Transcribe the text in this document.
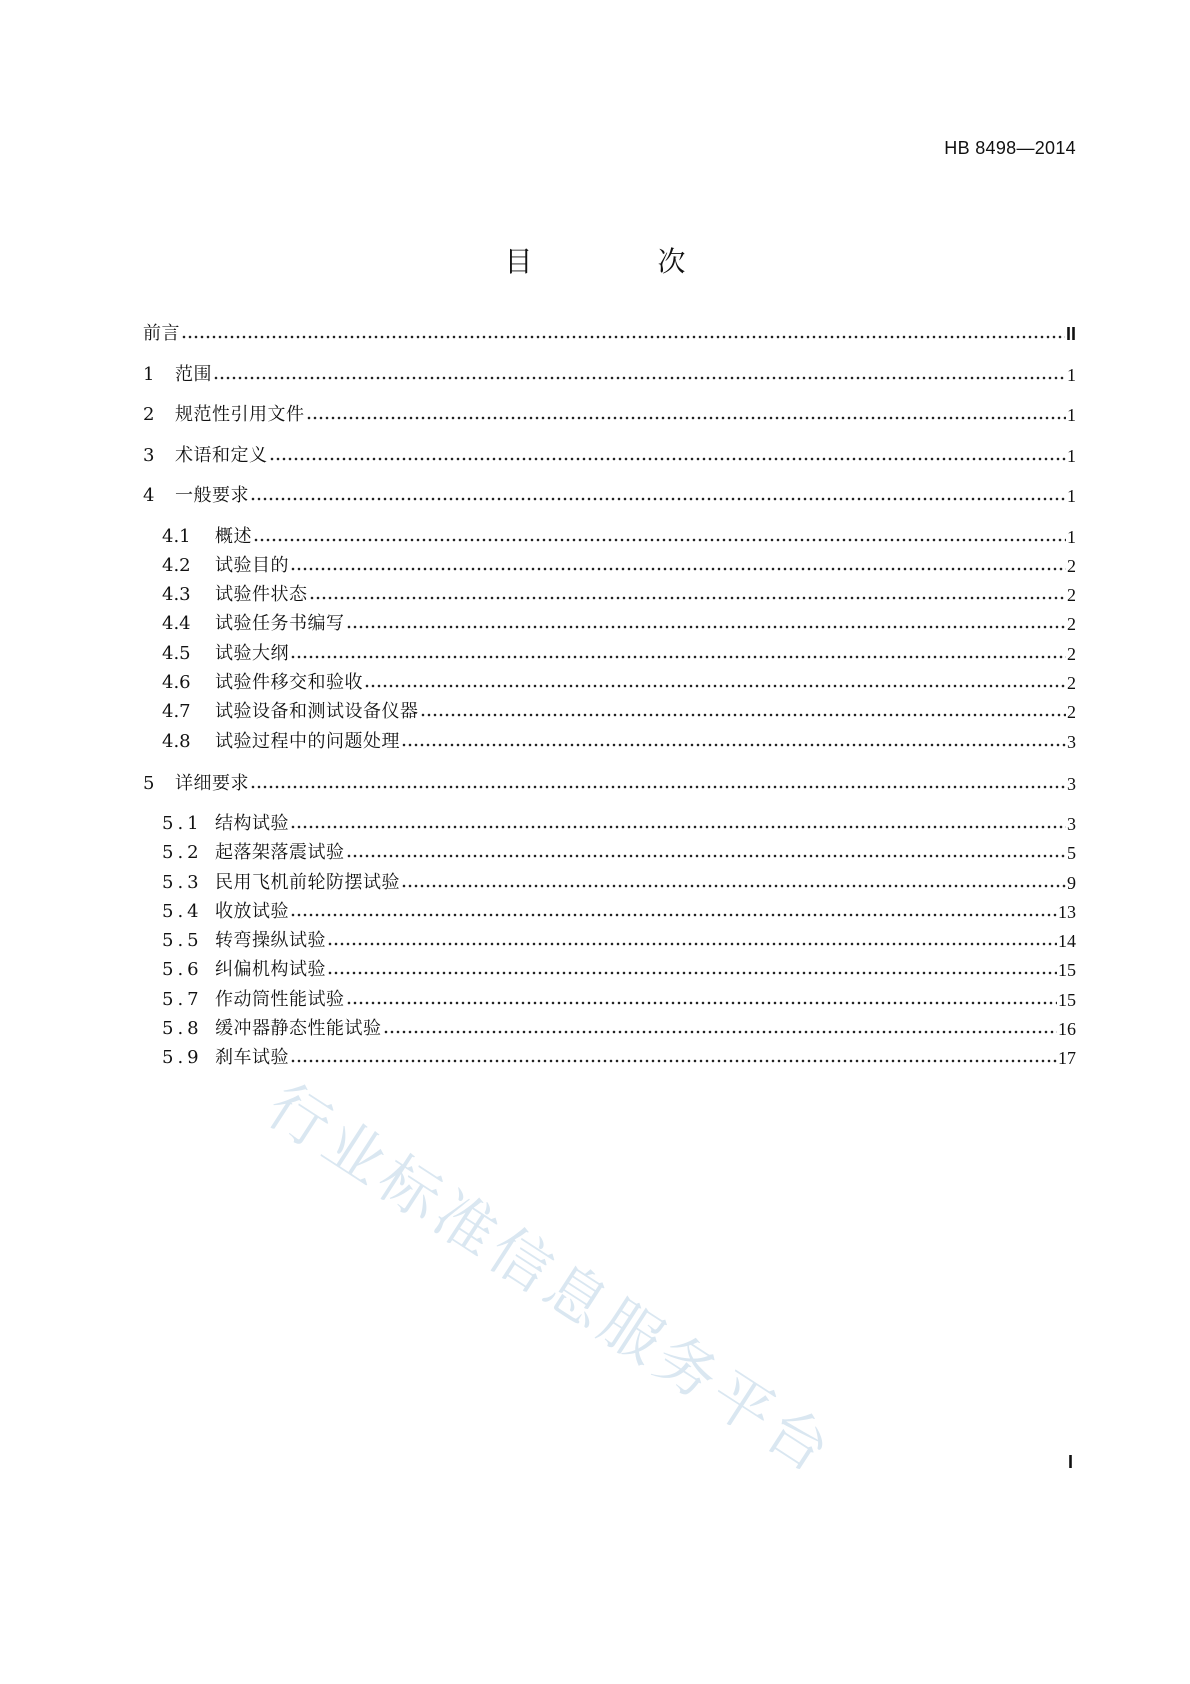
HB 8498—2014
目 次
前言	II
1	范围	1
2	规范性引用文件	1
3	术语和定义	1
4	一般要求	1
4.1	概述	1
4.2	试验目的	2
4.3	试验件状态	2
4.4	试验任务书编写	2
4.5	试验大纲	2
4.6	试验件移交和验收	2
4.7	试验设备和测试设备仪器	2
4.8	试验过程中的问题处理	3
5	详细要求	3
5.1 结构试验	3
5.2 起落架落震试验	5
5.3 民用飞机前轮防摆试验	9
5.4 收放试验	13
5.5 转弯操纵试验	14
5.6 纠偏机构试验	15
5.7 作动筒性能试验	15
5.8 缓冲器静态性能试验	16
5.9 刹车试验	17
行业标准信息服务平台	I
